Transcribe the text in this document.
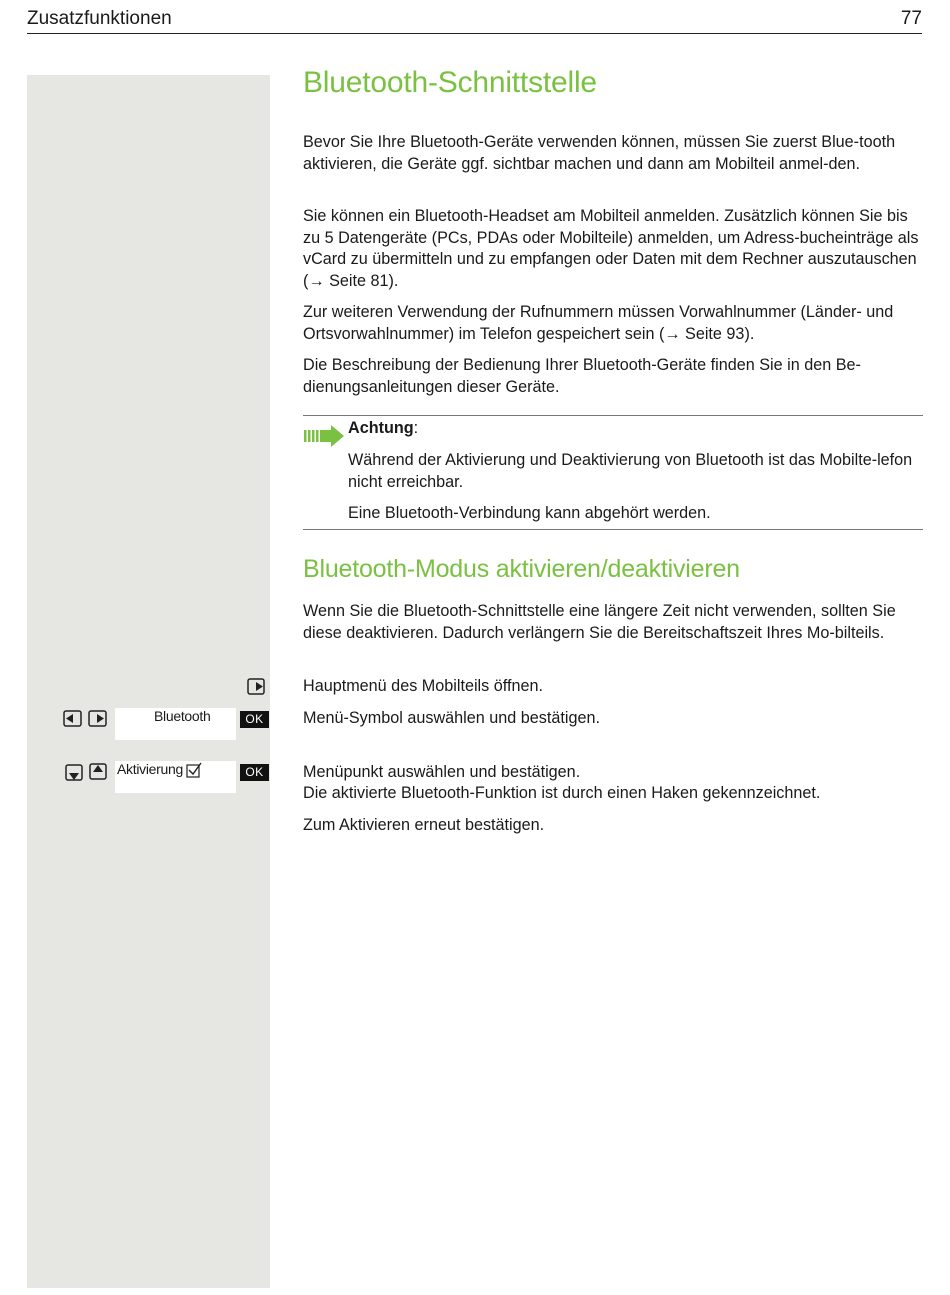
Zusatzfunktionen	77
Bluetooth-Schnittstelle

Bevor Sie Ihre Bluetooth-Geräte verwenden können, müssen Sie zuerst Blue-tooth aktivieren, die Geräte ggf. sichtbar machen und dann am Mobilteil anmel-den.

Sie können ein Bluetooth-Headset am Mobilteil anmelden. Zusätzlich können Sie bis zu 5 Datengeräte (PCs, PDAs oder Mobilteile) anmelden, um Adress-bucheinträge als vCard zu übermitteln und zu empfangen oder Daten mit dem Rechner auszutauschen (→ Seite 81).

Zur weiteren Verwendung der Rufnummern müssen Vorwahlnummer (Länder- und Ortsvorwahlnummer) im Telefon gespeichert sein (→ Seite 93).

Die Beschreibung der Bedienung Ihrer Bluetooth-Geräte finden Sie in den Be-dienungsanleitungen dieser Geräte.

Achtung:

Während der Aktivierung und Deaktivierung von Bluetooth ist das Mobilte-lefon nicht erreichbar.

Eine Bluetooth-Verbindung kann abgehört werden.

Bluetooth-Modus aktivieren/deaktivieren

Wenn Sie die Bluetooth-Schnittstelle eine längere Zeit nicht verwenden, sollten Sie diese deaktivieren. Dadurch verlängern Sie die Bereitschaftszeit Ihres Mo-bilteils.

Hauptmenü des Mobilteils öffnen.

Bluetooth	OK	Menü-Symbol auswählen und bestätigen.

Aktivierung	OK	Menüpunkt auswählen und bestätigen.

Die aktivierte Bluetooth-Funktion ist durch einen Haken gekennzeichnet.

Zum Aktivieren erneut bestätigen.
